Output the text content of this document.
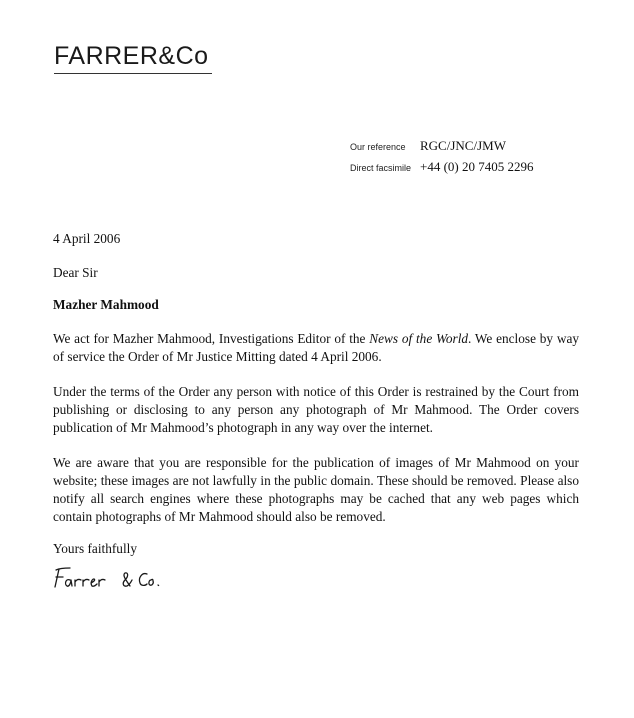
FARRER&Co
Our reference	RGC/JNC/JMW
Direct facsimile +44 (0) 20 7405 2296
4 April 2006
Dear Sir
Mazher Mahmood
We act for Mazher Mahmood, Investigations Editor of the News of the World. We enclose by way of service the Order of Mr Justice Mitting dated 4 April 2006.
Under the terms of the Order any person with notice of this Order is restrained by the Court from publishing or disclosing to any person any photograph of Mr Mahmood. The Order covers publication of Mr Mahmood’s photograph in any way over the internet.
We are aware that you are responsible for the publication of images of Mr Mahmood on your website; these images are not lawfully in the public domain. These should be removed. Please also notify all search engines where these photographs may be cached that any web pages which contain photographs of Mr Mahmood should also be removed.
Yours faithfully
